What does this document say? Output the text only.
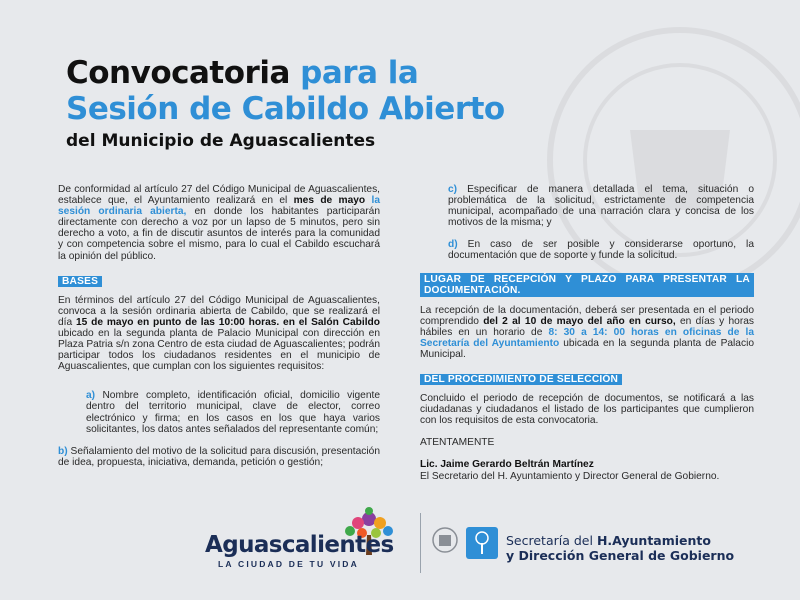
Convocatoria para la
Sesión de Cabildo Abierto
del Municipio de Aguascalientes

De conformidad al artículo 27 del Código Municipal de Aguascalientes, establece que, el Ayuntamiento realizará en el mes de mayo la sesión ordinaria abierta, en donde los habitantes participarán directamente con derecho a voz por un lapso de 5 minutos, pero sin derecho a voto, a fin de discutir asuntos de interés para la comunidad y con competencia sobre el mismo, para lo cual el Cabildo escuchará la opinión del público.

BASES

En términos del artículo 27 del Código Municipal de Aguascalientes, convoca a la sesión ordinaria abierta de Cabildo, que se realizará el día 15 de mayo en punto de las 10:00 horas. en el Salón Cabildo ubicado en la segunda planta de Palacio Municipal con dirección en Plaza Patria s/n zona Centro de esta ciudad de Aguascalientes; podrán participar todos los ciudadanos residentes en el municipio de Aguascalientes, que cumplan con los siguientes requisitos:

a) Nombre completo, identificación oficial, domicilio vigente dentro del territorio municipal, clave de elector, correo electrónico y firma; en los casos en los que haya varios solicitantes, los datos antes señalados del representante común;

b) Señalamiento del motivo de la solicitud para discusión, presentación de idea, propuesta, iniciativa, demanda, petición o gestión;

c) Especificar de manera detallada el tema, situación o problemática de la solicitud, estrictamente de competencia municipal, acompañado de una narración clara y concisa de los motivos de la misma; y

d) En caso de ser posible y considerarse oportuno, la documentación que de soporte y funde la solicitud.

LUGAR DE RECEPCIÓN Y PLAZO PARA PRESENTAR LA DOCUMENTACIÓN.

La recepción de la documentación, deberá ser presentada en el periodo comprendido del 2 al 10 de mayo del año en curso, en días y horas hábiles en un horario de 8: 30 a 14: 00 horas en oficinas de la Secretaría del Ayuntamiento ubicada en la segunda planta de Palacio Municipal.

DEL PROCEDIMIENTO DE SELECCIÓN

Concluido el periodo de recepción de documentos, se notificará a las ciudadanas y ciudadanos el listado de los participantes que cumplieron con los requisitos de esta convocatoria.

ATENTAMENTE

Lic. Jaime Gerardo Beltrán Martínez
El Secretario del H. Ayuntamiento y Director General de Gobierno.
Aguascalientes
LA CIUDAD DE TU VIDA
Secretaría del H.Ayuntamiento
y Dirección General de Gobierno
